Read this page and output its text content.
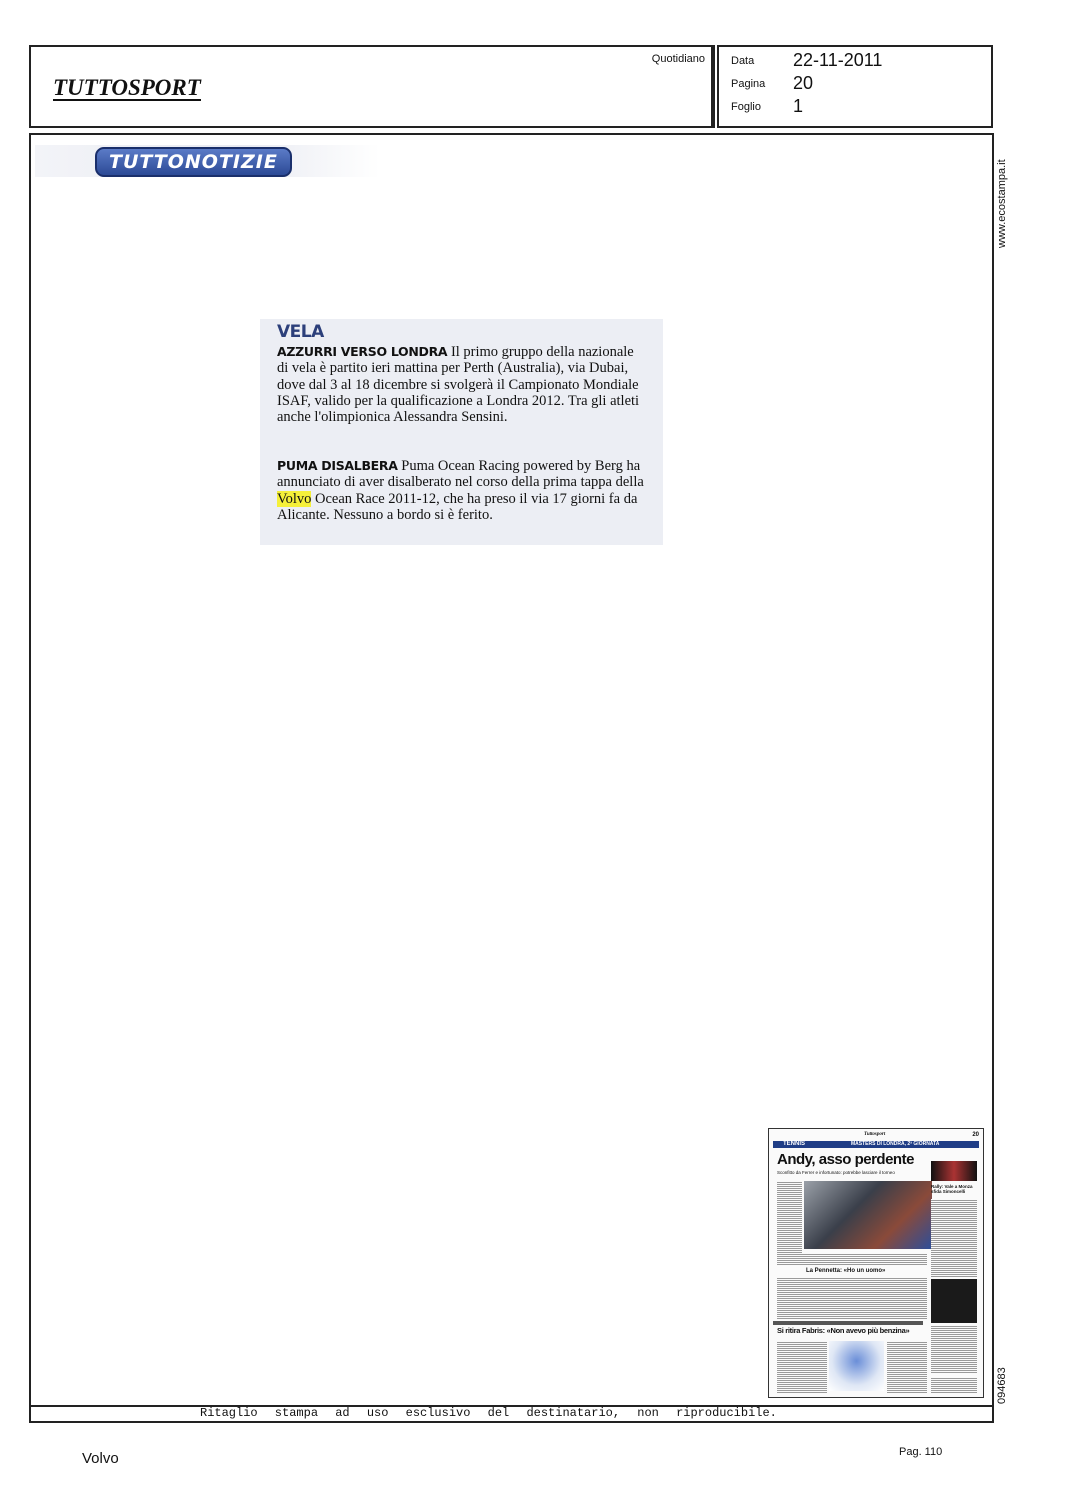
TUTTOSPORT
Quotidiano Data 22-11-2011
Pagina 20
Foglio 1
TUTTONOTIZIE
VELA
AZZURRI VERSO LONDRA Il primo gruppo della nazionale di vela è partito ieri mattina per Perth (Australia), via Dubai, dove dal 3 al 18 dicembre si svolgerà il Campionato Mondiale ISAF, valido per la qualificazione a Londra 2012. Tra gli atleti anche l'olimpionica Alessandra Sensini.
PUMA DISALBERA Puma Ocean Racing powered by Berg ha annunciato di aver disalberato nel corso della prima tappa della Volvo Ocean Race 2011-12, che ha preso il via 17 giorni fa da Alicante. Nessuno a bordo si è ferito.
www.ecostampa.it
094683
Tuttosport	20
TENNIS	MASTERS DI LONDRA, 2ª GIORNATA
Andy, asso perdente
Sconfitto da Ferrer e infortunato: potrebbe lasciare il torneo
Rally: Vale a Monza sfida Simoncelli
La Pennetta: «Ho un uomo»
Si ritira Fabris: «Non avevo più benzina»
Ritaglio stampa ad uso esclusivo del destinatario, non riproducibile.
Volvo	Pag. 110
